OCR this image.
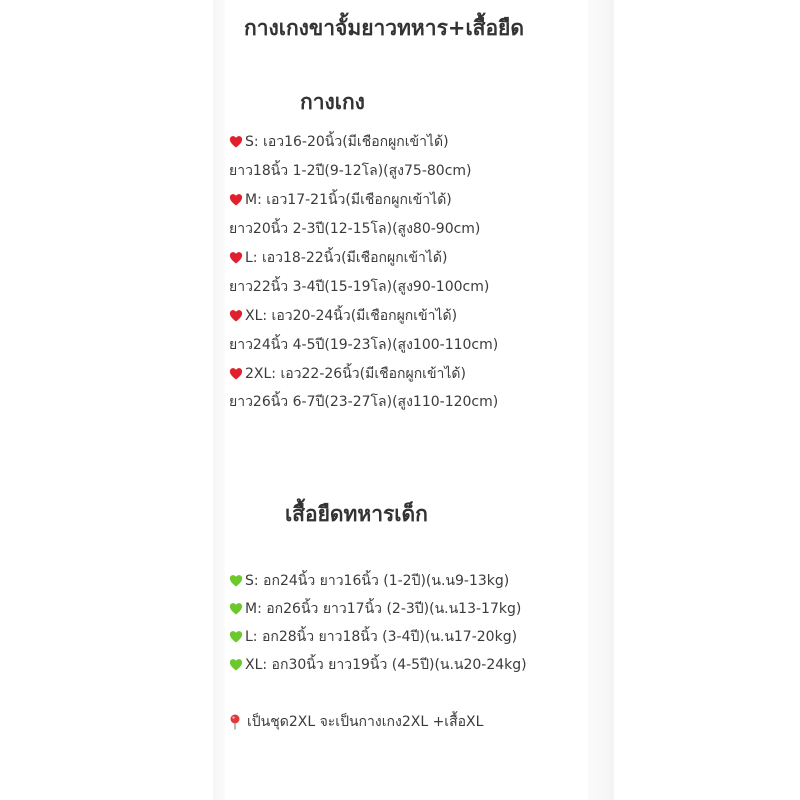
กางเกงขาจั้มยาวทหาร+เสื้อยืด
กางเกง
S: เอว16-20นิ้ว(มีเชือกผูกเข้าได้)
ยาว18นิ้ว 1-2ปี(9-12โล)(สูง75-80cm)
M: เอว17-21นิ้ว(มีเชือกผูกเข้าได้)
ยาว20นิ้ว 2-3ปี(12-15โล)(สูง80-90cm)
L: เอว18-22นิ้ว(มีเชือกผูกเข้าได้)
ยาว22นิ้ว 3-4ปี(15-19โล)(สูง90-100cm)
XL: เอว20-24นิ้ว(มีเชือกผูกเข้าได้)
ยาว24นิ้ว 4-5ปี(19-23โล)(สูง100-110cm)
2XL: เอว22-26นิ้ว(มีเชือกผูกเข้าได้)
ยาว26นิ้ว 6-7ปี(23-27โล)(สูง110-120cm)
เสื้อยืดทหารเด็ก
S: อก24นิ้ว ยาว16นิ้ว (1-2ปี)(น.น9-13kg)
M: อก26นิ้ว ยาว17นิ้ว (2-3ปี)(น.น13-17kg)
L: อก28นิ้ว ยาว18นิ้ว (3-4ปี)(น.น17-20kg)
XL: อก30นิ้ว ยาว19นิ้ว (4-5ปี)(น.น20-24kg)
เป็นชุด2XL จะเป็นกางเกง2XL +เสื้อXL
